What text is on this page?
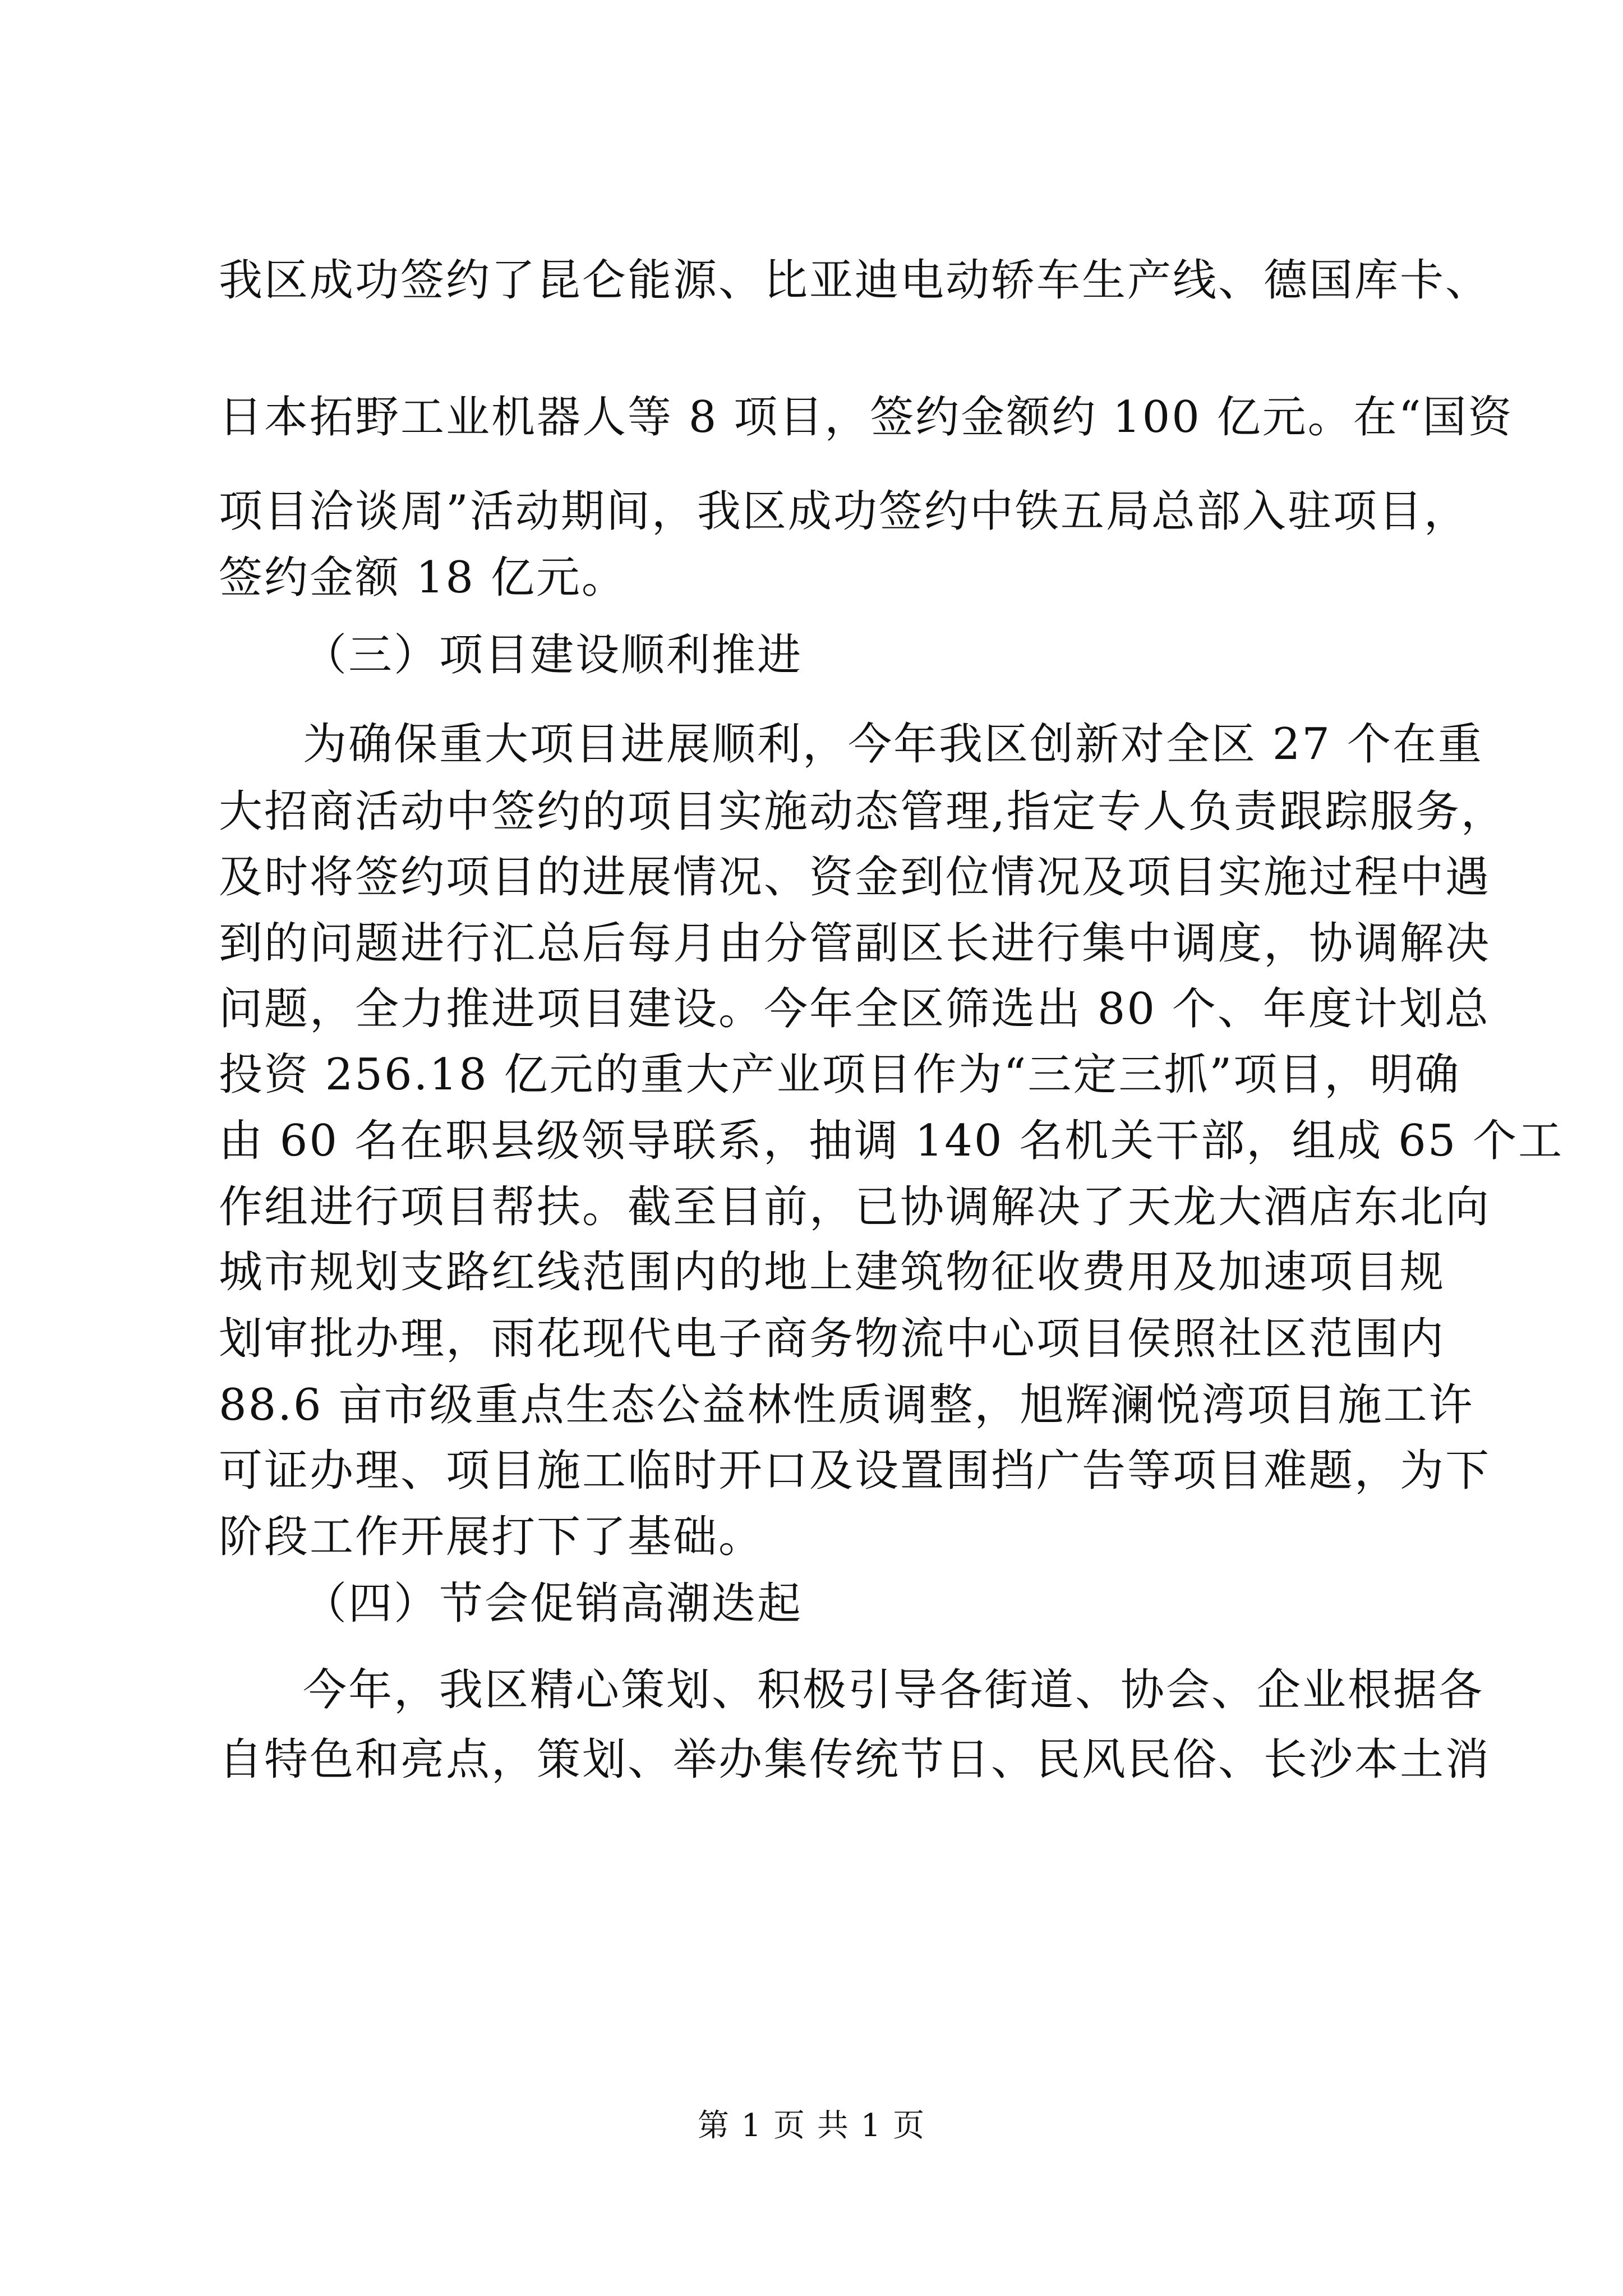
我区成功签约了昆仑能源、比亚迪电动轿车生产线、德国库卡、

日本拓野工业机器人等 8 项目，签约金额约 100 亿元。在“国资

项目洽谈周”活动期间，我区成功签约中铁五局总部入驻项目，

签约金额 18 亿元。

（三）项目建设顺利推进

为确保重大项目进展顺利，今年我区创新对全区 27 个在重

大招商活动中签约的项目实施动态管理,指定专人负责跟踪服务，

及时将签约项目的进展情况、资金到位情况及项目实施过程中遇

到的问题进行汇总后每月由分管副区长进行集中调度，协调解决

问题，全力推进项目建设。今年全区筛选出 80 个、年度计划总

投资 256.18 亿元的重大产业项目作为“三定三抓”项目，明确

由 60 名在职县级领导联系，抽调 140 名机关干部，组成 65 个工

作组进行项目帮扶。截至目前，已协调解决了天龙大酒店东北向

城市规划支路红线范围内的地上建筑物征收费用及加速项目规

划审批办理，雨花现代电子商务物流中心项目侯照社区范围内

88.6 亩市级重点生态公益林性质调整，旭辉澜悦湾项目施工许

可证办理、项目施工临时开口及设置围挡广告等项目难题，为下

阶段工作开展打下了基础。

（四）节会促销高潮迭起

今年，我区精心策划、积极引导各街道、协会、企业根据各

自特色和亮点，策划、举办集传统节日、民风民俗、长沙本土消

第 1 页 共 1 页
